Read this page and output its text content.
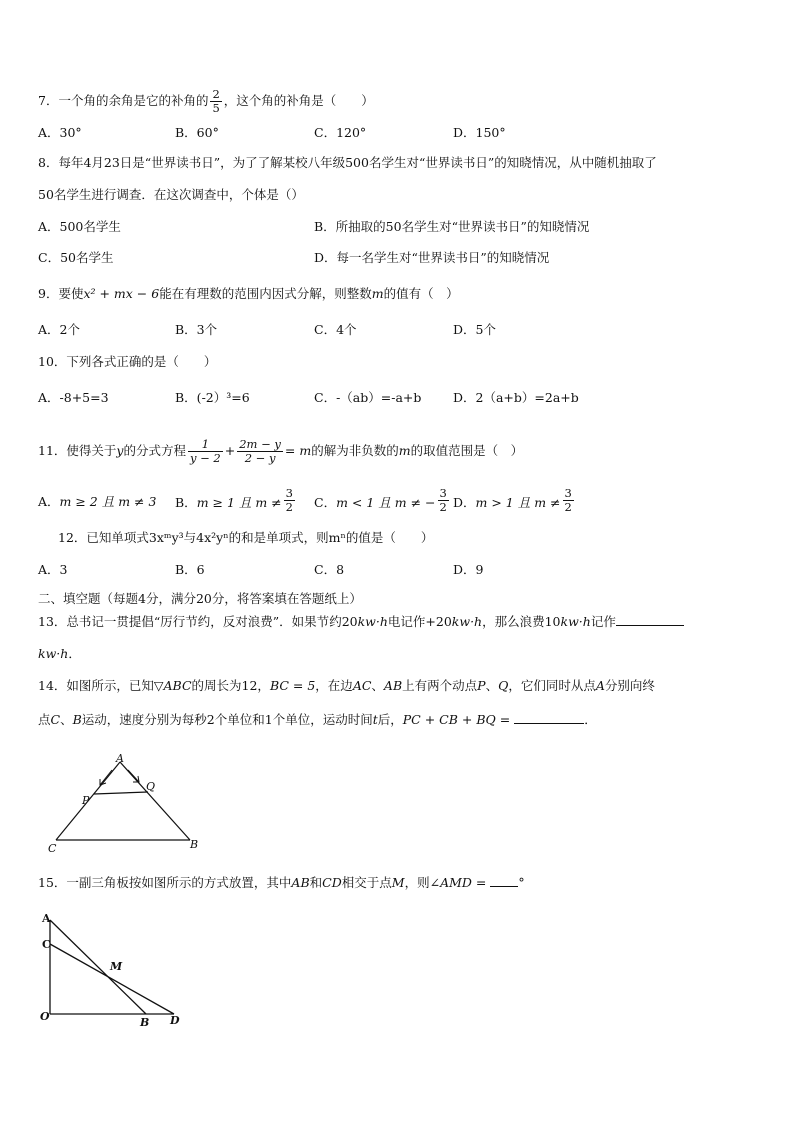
7．一个角的余角是它的补角的 $\frac{2}{5}$ ，这个角的补角是（　　）
A．30°	B．60°	C．120°	D．150°
8．每年4月23日是“世界读书日”，为了了解某校八年级500名学生对“世界读书日”的知晓情况，从中随机抽取了
50名学生进行调查．在这次调查中，个体是（）
A．500名学生	B．所抽取的50名学生对“世界读书日”的知晓情况
C．50名学生	D．每一名学生对“世界读书日”的知晓情况
9．要使x² + mx − 6能在有理数的范围内因式分解，则整数m的值有（　）
A．2个	B．3个	C．4个	D．5个
10．下列各式正确的是（　　）
A．-8+5=3	B．(-2）³=6	C．-（ab）=-a+b	D．2（a+b）=2a+b
11．使得关于y的分式方程 $\frac{1}{y - 2} + \frac{2m - y}{2 - y} = m$的解为非负数的m的取值范围是（　）
A．m ≥ 2 且 m ≠ 3 B．m ≥ 1 且 $m \ne \frac{3}{2}$ C．m < 1 且 m ≠ − $\frac{3}{2}$ D．m > 1 且 $m \ne \frac{3}{2}$
12．已知单项式3xᵐy³与4x²yⁿ的和是单项式，则mⁿ的值是（　　）
A．3	B．6	C．8	D．9
二、填空题（每题4分，满分20分，将答案填在答题纸上）
13．总书记一贯提倡“厉行节约，反对浪费”．如果节约20kw·h电记作+20kw·h，那么浪费10kw·h记作
kw·h．
14．如图所示，已知▽ABC的周长为12，BC = 5，在边AC、AB上有两个动点P、Q，它们同时从点A分别向终
点C、B运动，速度分别为每秒2个单位和1个单位，运动时间t后，PC + CB + BQ =	．
A
Q
P
C	B
15．一副三角板按如图所示的方式放置，其中AB和CD相交于点M，则∠AMD =	°
A
C
M
O	B D
